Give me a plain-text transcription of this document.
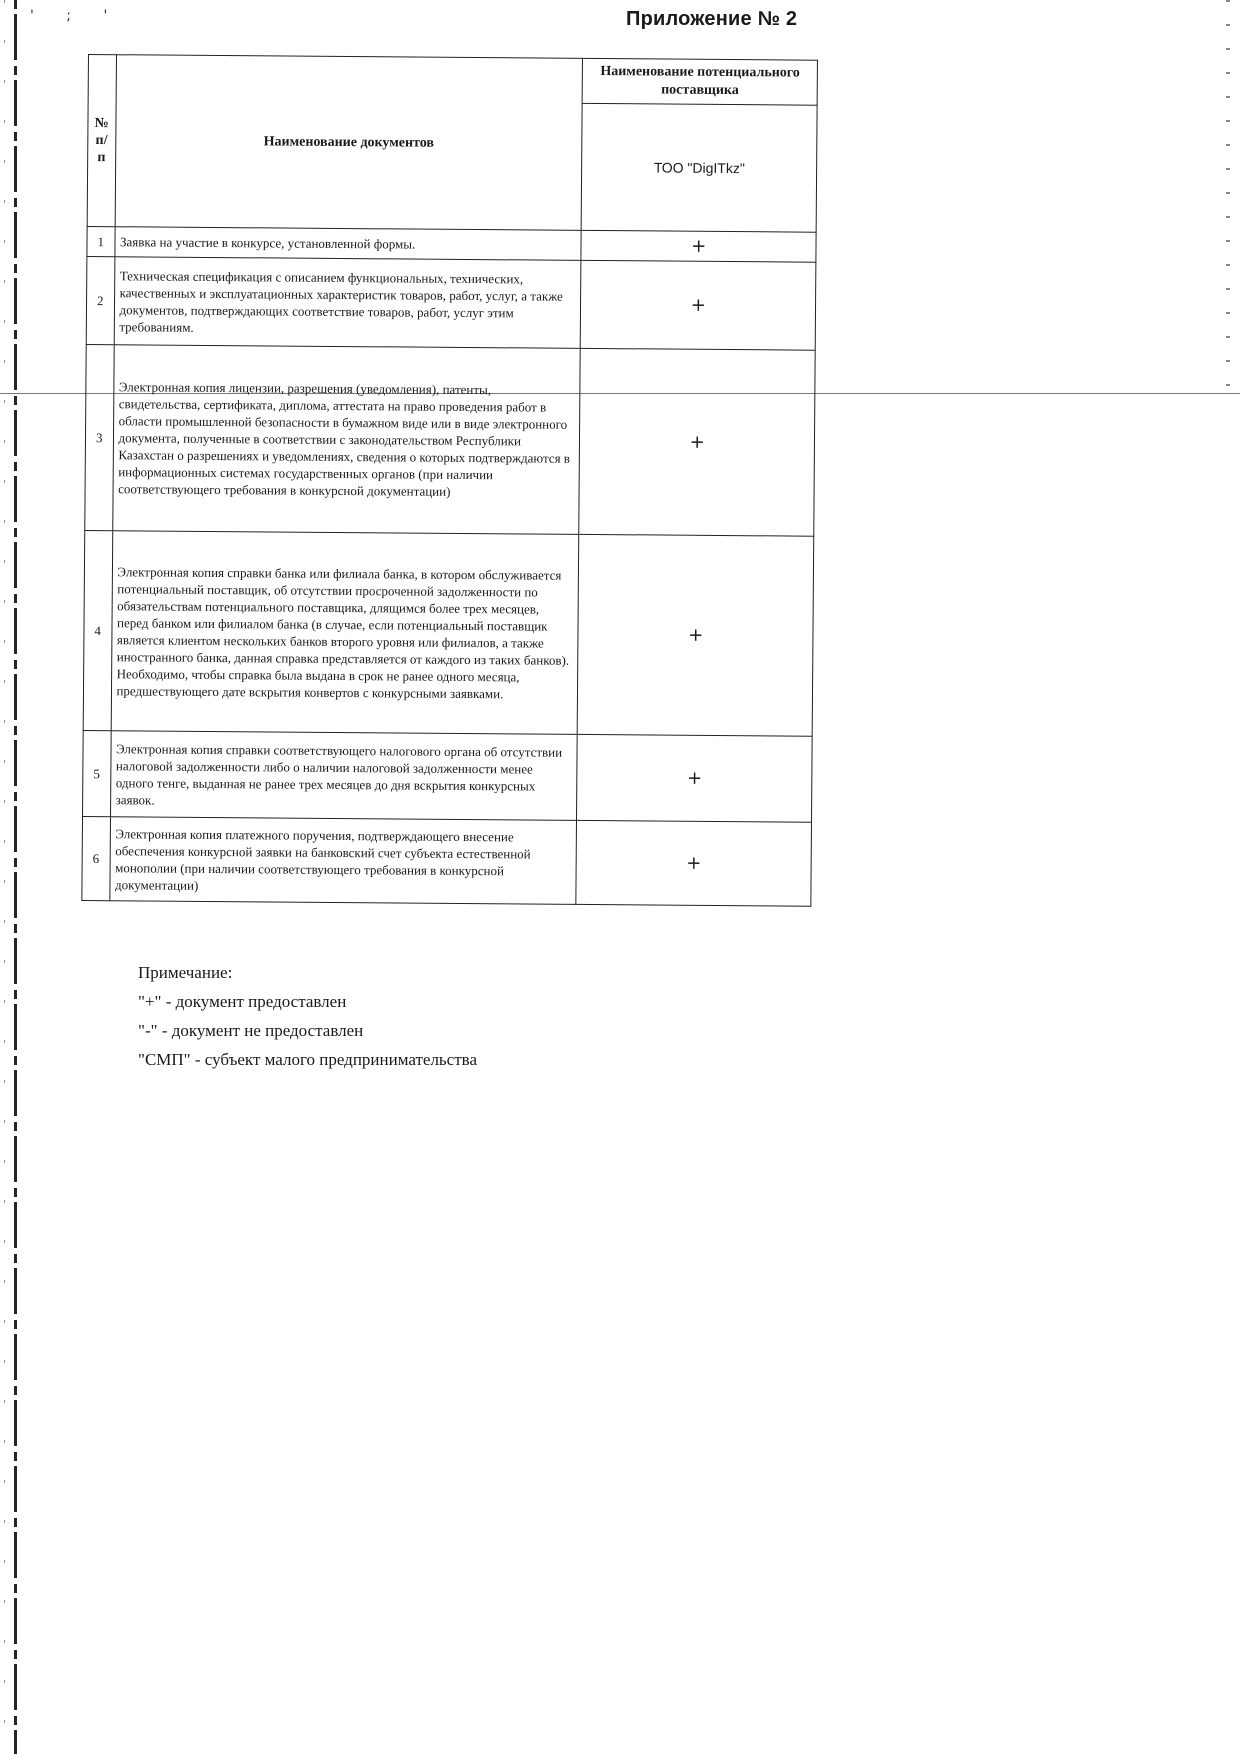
' ; '	Приложение № 2
№ п/п	Наименование документов	Наименование потенциального поставщика
		ТОО "DigITkz"
1	Заявка на участие в конкурсе, установленной формы.	+
2	Техническая спецификация с описанием функциональных, технических, качественных и эксплуатационных характеристик товаров, работ, услуг, а также документов, подтверждающих соответствие товаров, работ, услуг этим требованиям.	+
3	Электронная копия лицензии, разрешения (уведомления), патенты, свидетельства, сертификата, диплома, аттестата на право проведения работ в области промышленной безопасности в бумажном виде или в виде электронного документа, полученные в соответствии с законодательством Республики Казахстан о разрешениях и уведомлениях, сведения о которых подтверждаются в информационных системах государственных органов (при наличии соответствующего требования в конкурсной документации)	+
4	Электронная копия справки банка или филиала банка, в котором обслуживается потенциальный поставщик, об отсутствии просроченной задолженности по обязательствам потенциального поставщика, длящимся более трех месяцев, перед банком или филиалом банка (в случае, если потенциальный поставщик является клиентом нескольких банков второго уровня или филиалов, а также иностранного банка, данная справка представляется от каждого из таких банков). Необходимо, чтобы справка была выдана в срок не ранее одного месяца, предшествующего дате вскрытия конвертов с конкурсными заявками.	+
5	Электронная копия справки соответствующего налогового органа об отсутствии налоговой задолженности либо о наличии налоговой задолженности менее одного тенге, выданная не ранее трех месяцев до дня вскрытия конкурсных заявок.	+
6	Электронная копия платежного поручения, подтверждающего внесение обеспечения конкурсной заявки на банковский счет субъекта естественной монополии (при наличии соответствующего требования в конкурсной документации)	+
Примечание:
"+" - документ предоставлен
"-" - документ не предоставлен
"СМП" - субъект малого предпринимательства
